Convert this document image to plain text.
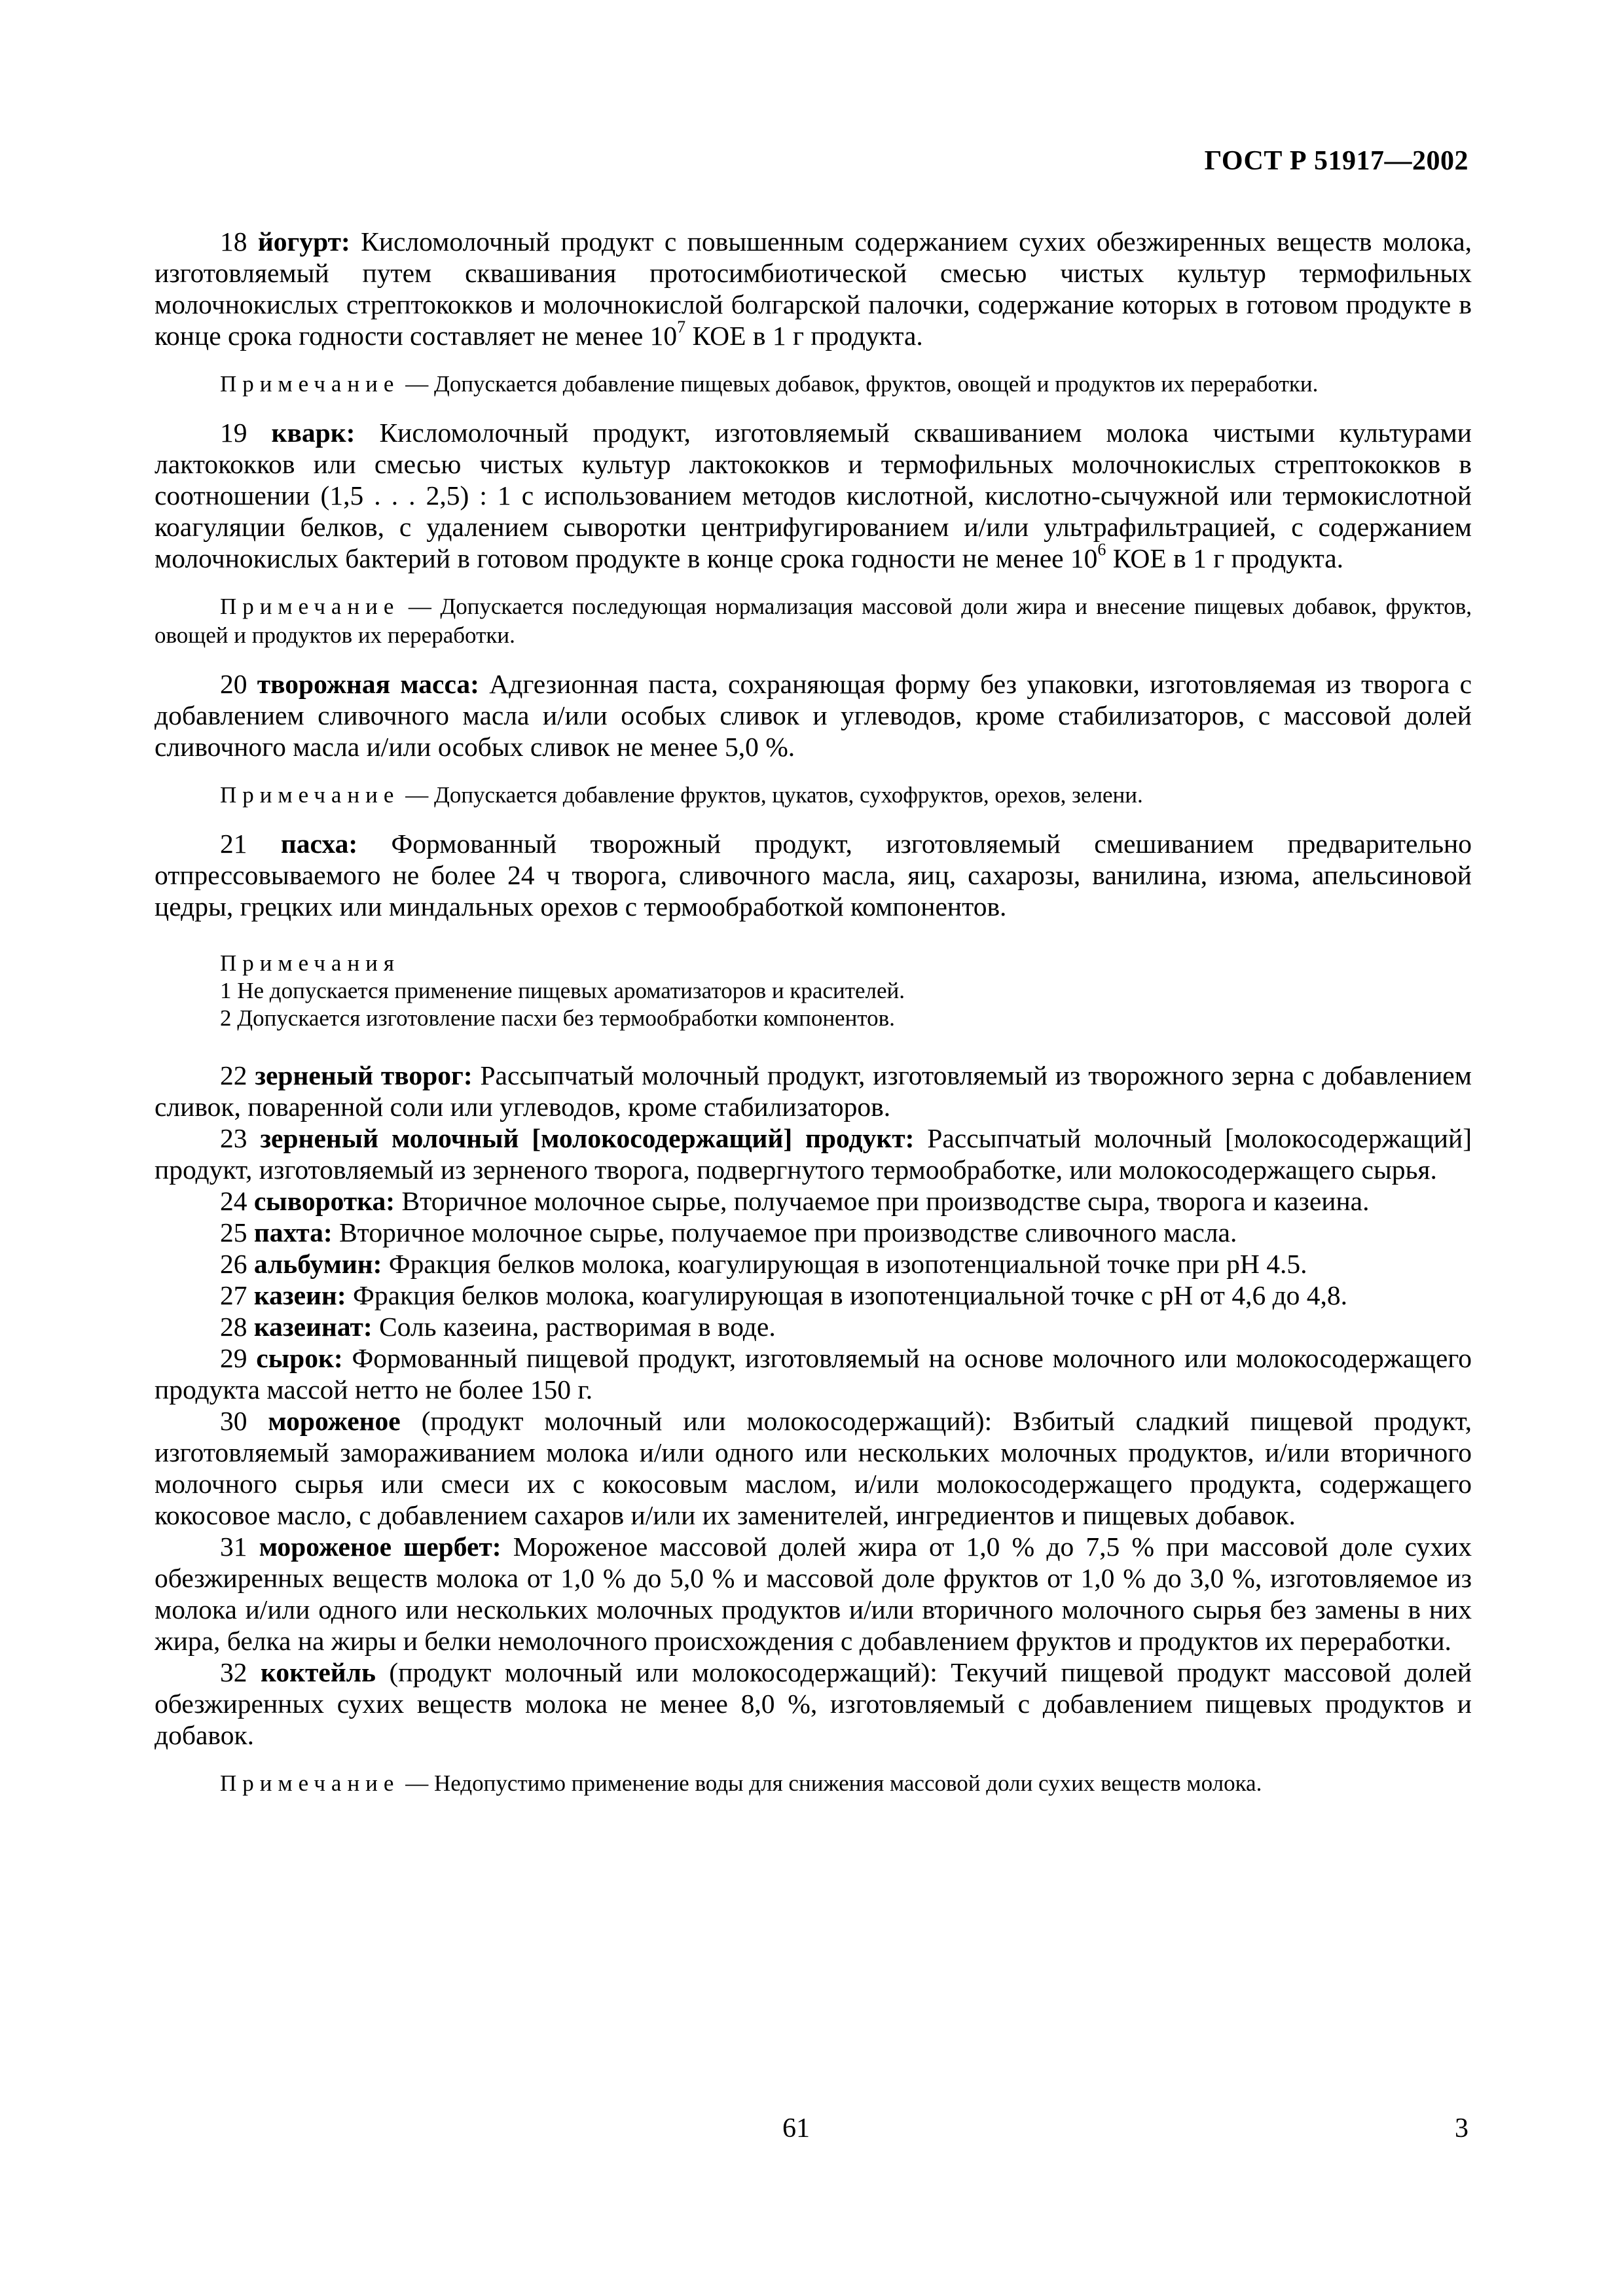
ГОСТ Р 51917—2002

18 йогурт: Кисломолочный продукт с повышенным содержанием сухих обезжиренных веществ молока, изготовляемый путем сквашивания протосимбиотической смесью чистых культур термофильных молочнокислых стрептококков и молочнокислой болгарской палочки, содержание которых в готовом продукте в конце срока годности составляет не менее $10^7$ КОЕ в 1 г продукта.

Примечание — Допускается добавление пищевых добавок, фруктов, овощей и продуктов их переработки.

19 кварк: Кисломолочный продукт, изготовляемый сквашиванием молока чистыми культурами лактококков или смесью чистых культур лактококков и термофильных молочнокислых стрептококков в соотношении (1,5 . . . 2,5) : 1 с использованием методов кислотной, кислотно-сычужной или термокислотной коагуляции белков, с удалением сыворотки центрифугированием и/или ультрафильтрацией, с содержанием молочнокислых бактерий в готовом продукте в конце срока годности не менее $10^6$ КОЕ в 1 г продукта.

Примечание — Допускается последующая нормализация массовой доли жира и внесение пищевых добавок, фруктов, овощей и продуктов их переработки.

20 творожная масса: Адгезионная паста, сохраняющая форму без упаковки, изготовляемая из творога с добавлением сливочного масла и/или особых сливок и углеводов, кроме стабилизаторов, с массовой долей сливочного масла и/или особых сливок не менее 5,0 %.

Примечание — Допускается добавление фруктов, цукатов, сухофруктов, орехов, зелени.

21 пасха: Формованный творожный продукт, изготовляемый смешиванием предварительно отпрессовываемого не более 24 ч творога, сливочного масла, яиц, сахарозы, ванилина, изюма, апельсиновой цедры, грецких или миндальных орехов с термообработкой компонентов.

Примечания

1 Не допускается применение пищевых ароматизаторов и красителей.

2 Допускается изготовление пасхи без термообработки компонентов.

22 зерненый творог: Рассыпчатый молочный продукт, изготовляемый из творожного зерна с добавлением сливок, поваренной соли или углеводов, кроме стабилизаторов.

23 зерненый молочный [молокосодержащий] продукт: Рассыпчатый молочный [молокосодержащий] продукт, изготовляемый из зерненого творога, подвергнутого термообработке, или молокосодержащего сырья.

24 сыворотка: Вторичное молочное сырье, получаемое при производстве сыра, творога и казеина.

25 пахта: Вторичное молочное сырье, получаемое при производстве сливочного масла.

26 альбумин: Фракция белков молока, коагулирующая в изопотенциальной точке при pH 4.5.

27 казеин: Фракция белков молока, коагулирующая в изопотенциальной точке с pH от 4,6 до 4,8.

28 казеинат: Соль казеина, растворимая в воде.

29 сырок: Формованный пищевой продукт, изготовляемый на основе молочного или молокосодержащего продукта массой нетто не более 150 г.

30 мороженое (продукт молочный или молокосодержащий): Взбитый сладкий пищевой продукт, изготовляемый замораживанием молока и/или одного или нескольких молочных продуктов, и/или вторичного молочного сырья или смеси их с кокосовым маслом, и/или молокосодержащего продукта, содержащего кокосовое масло, с добавлением сахаров и/или их заменителей, ингредиентов и пищевых добавок.

31 мороженое шербет: Мороженое массовой долей жира от 1,0 % до 7,5 % при массовой доле сухих обезжиренных веществ молока от 1,0 % до 5,0 % и массовой доле фруктов от 1,0 % до 3,0 %, изготовляемое из молока и/или одного или нескольких молочных продуктов и/или вторичного молочного сырья без замены в них жира, белка на жиры и белки немолочного происхождения с добавлением фруктов и продуктов их переработки.

32 коктейль (продукт молочный или молокосодержащий): Текучий пищевой продукт массовой долей обезжиренных сухих веществ молока не менее 8,0 %, изготовляемый с добавлением пищевых продуктов и добавок.

Примечание — Недопустимо применение воды для снижения массовой доли сухих веществ молока.

61	3
